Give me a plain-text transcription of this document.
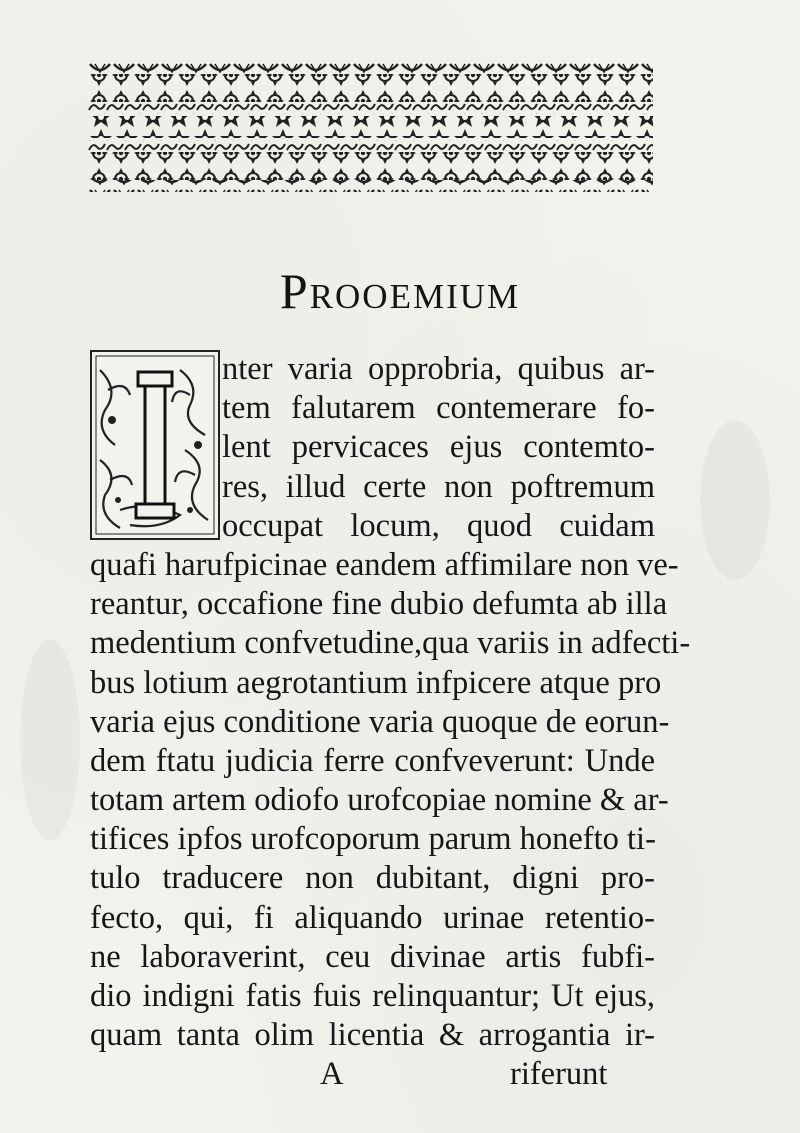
Prooemium
nter varia opprobria, quibus ar-
tem falutarem contemerare fo-
lent pervicaces ejus contemto-
res, illud certe non poftremum
occupat locum, quod cuidam
quafi harufpicinae eandem affimilare non ve-
reantur, occafione fine dubio defumta ab illa
medentium confvetudine,qua variis in adfecti-
bus lotium aegrotantium infpicere atque pro
varia ejus conditione varia quoque de eorun-
dem ftatu judicia ferre confveverunt: Unde
totam artem odiofo urofcopiae nomine & ar-
tifices ipfos urofcoporum parum honefto ti-
tulo traducere non dubitant, digni pro-
fecto, qui, fi aliquando urinae retentio-
ne laboraverint, ceu divinae artis fubfi-
dio indigni fatis fuis relinquantur; Ut ejus,
quam tanta olim licentia & arrogantia ir-
A	riferunt
